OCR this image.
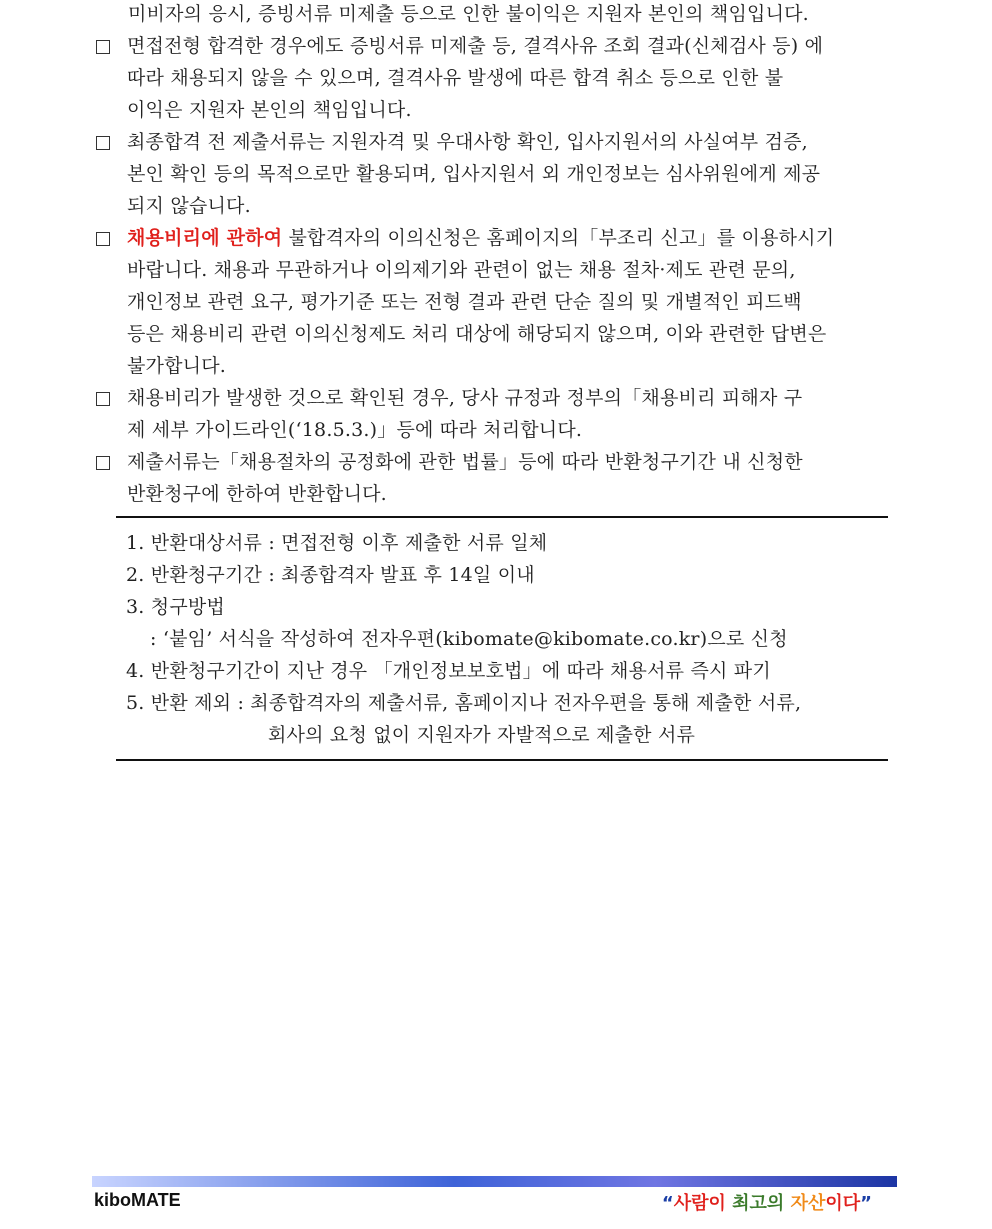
미비자의 응시, 증빙서류 미제출 등으로 인한 불이익은 지원자 본인의 책임입니다.
면접전형 합격한 경우에도 증빙서류 미제출 등, 결격사유 조회 결과(신체검사 등) 에
따라 채용되지 않을 수 있으며, 결격사유 발생에 따른 합격 취소 등으로 인한 불
이익은 지원자 본인의 책임입니다.
최종합격 전 제출서류는 지원자격 및 우대사항 확인, 입사지원서의 사실여부 검증,
본인 확인 등의 목적으로만 활용되며, 입사지원서 외 개인정보는 심사위원에게 제공
되지 않습니다.
채용비리에 관하여 불합격자의 이의신청은 홈페이지의「부조리 신고」를 이용하시기
바랍니다. 채용과 무관하거나 이의제기와 관련이 없는 채용 절차·제도 관련 문의,
개인정보 관련 요구, 평가기준 또는 전형 결과 관련 단순 질의 및 개별적인 피드백
등은 채용비리 관련 이의신청제도 처리 대상에 해당되지 않으며, 이와 관련한 답변은
불가합니다.
채용비리가 발생한 것으로 확인된 경우, 당사 규정과 정부의「채용비리 피해자 구
제 세부 가이드라인(‘18.5.3.)」등에 따라 처리합니다.
제출서류는「채용절차의 공정화에 관한 법률」등에 따라 반환청구기간 내 신청한
반환청구에 한하여 반환합니다.
1. 반환대상서류 : 면접전형 이후 제출한 서류 일체
2. 반환청구기간 : 최종합격자 발표 후 14일 이내
3. 청구방법
: ‘붙임’ 서식을 작성하여 전자우편(kibomate@kibomate.co.kr)으로 신청
4. 반환청구기간이 지난 경우 「개인정보보호법」에 따라 채용서류 즉시 파기
5. 반환 제외 : 최종합격자의 제출서류, 홈페이지나 전자우편을 통해 제출한 서류,
회사의 요청 없이 지원자가 자발적으로 제출한 서류
kiboMATE	“사람이 최고의 자산이다”
